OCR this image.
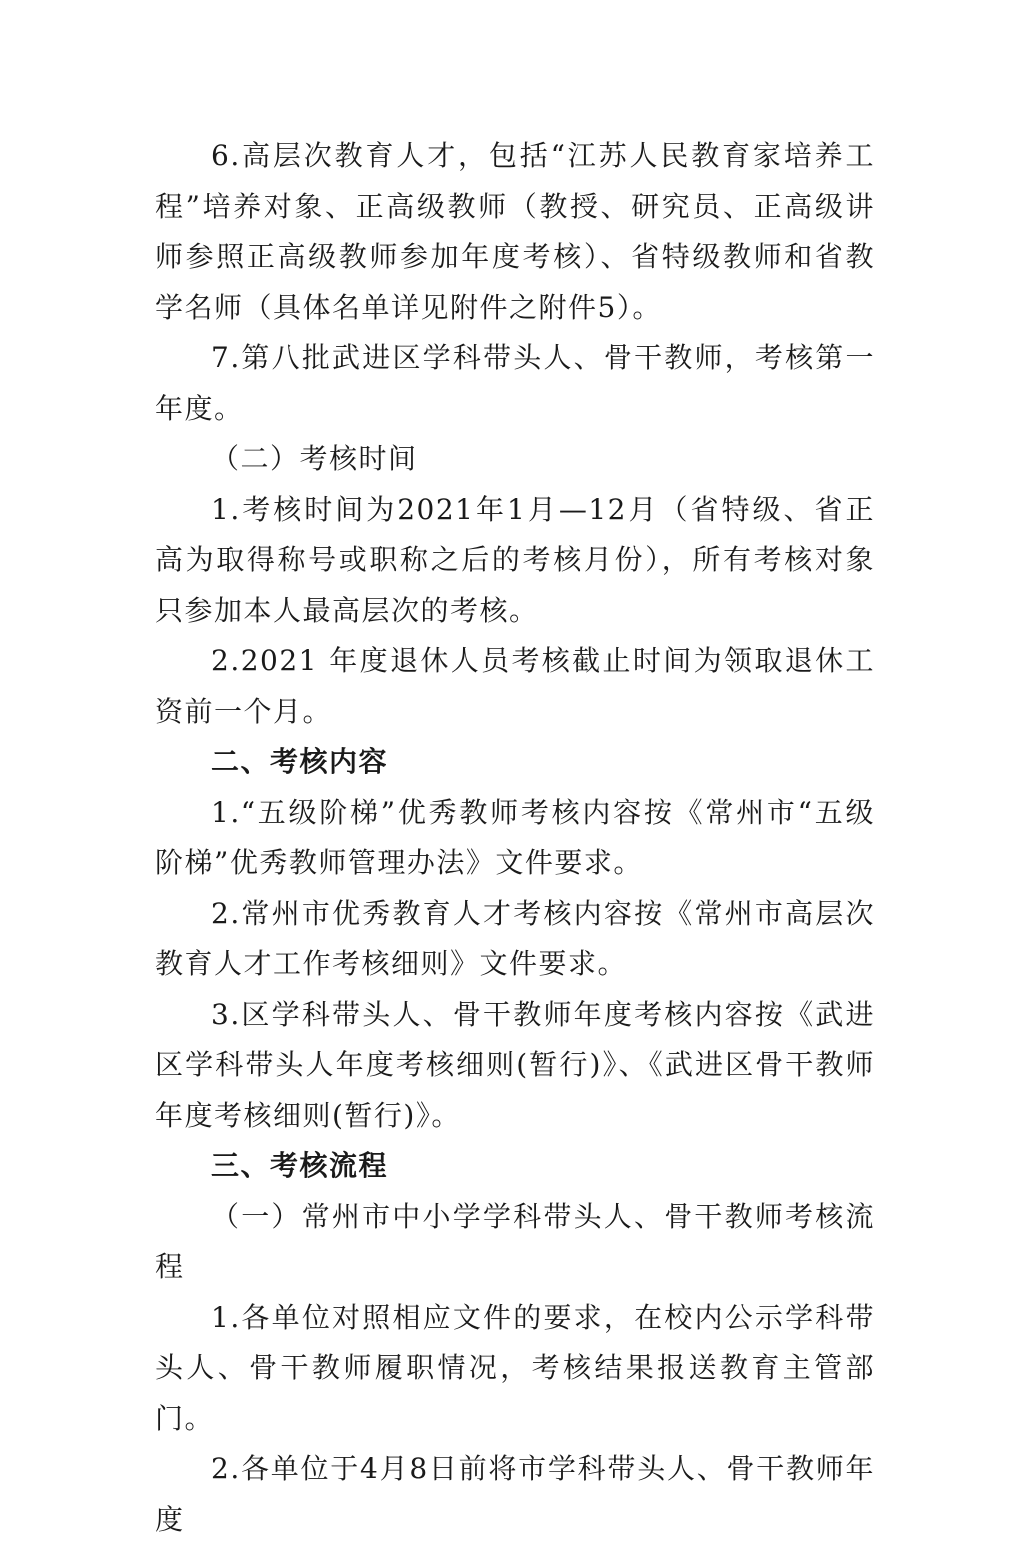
6.高层次教育人才，包括“江苏人民教育家培养工程”培养对象、正高级教师（教授、研究员、正高级讲师参照正高级教师参加年度考核）、省特级教师和省教学名师（具体名单详见附件之附件5）。

7.第八批武进区学科带头人、骨干教师，考核第一年度。

（二）考核时间

1.考核时间为2021年1月—12月（省特级、省正高为取得称号或职称之后的考核月份），所有考核对象只参加本人最高层次的考核。

2.2021 年度退休人员考核截止时间为领取退休工资前一个月。

二、考核内容

1.“五级阶梯”优秀教师考核内容按《常州市“五级阶梯”优秀教师管理办法》文件要求。

2.常州市优秀教育人才考核内容按《常州市高层次教育人才工作考核细则》文件要求。

3.区学科带头人、骨干教师年度考核内容按《武进区学科带头人年度考核细则(暂行)》、《武进区骨干教师年度考核细则(暂行)》。

三、考核流程

（一）常州市中小学学科带头人、骨干教师考核流程

1.各单位对照相应文件的要求，在校内公示学科带头人、骨干教师履职情况，考核结果报送教育主管部门。

2.各单位于4月8日前将市学科带头人、骨干教师年度
